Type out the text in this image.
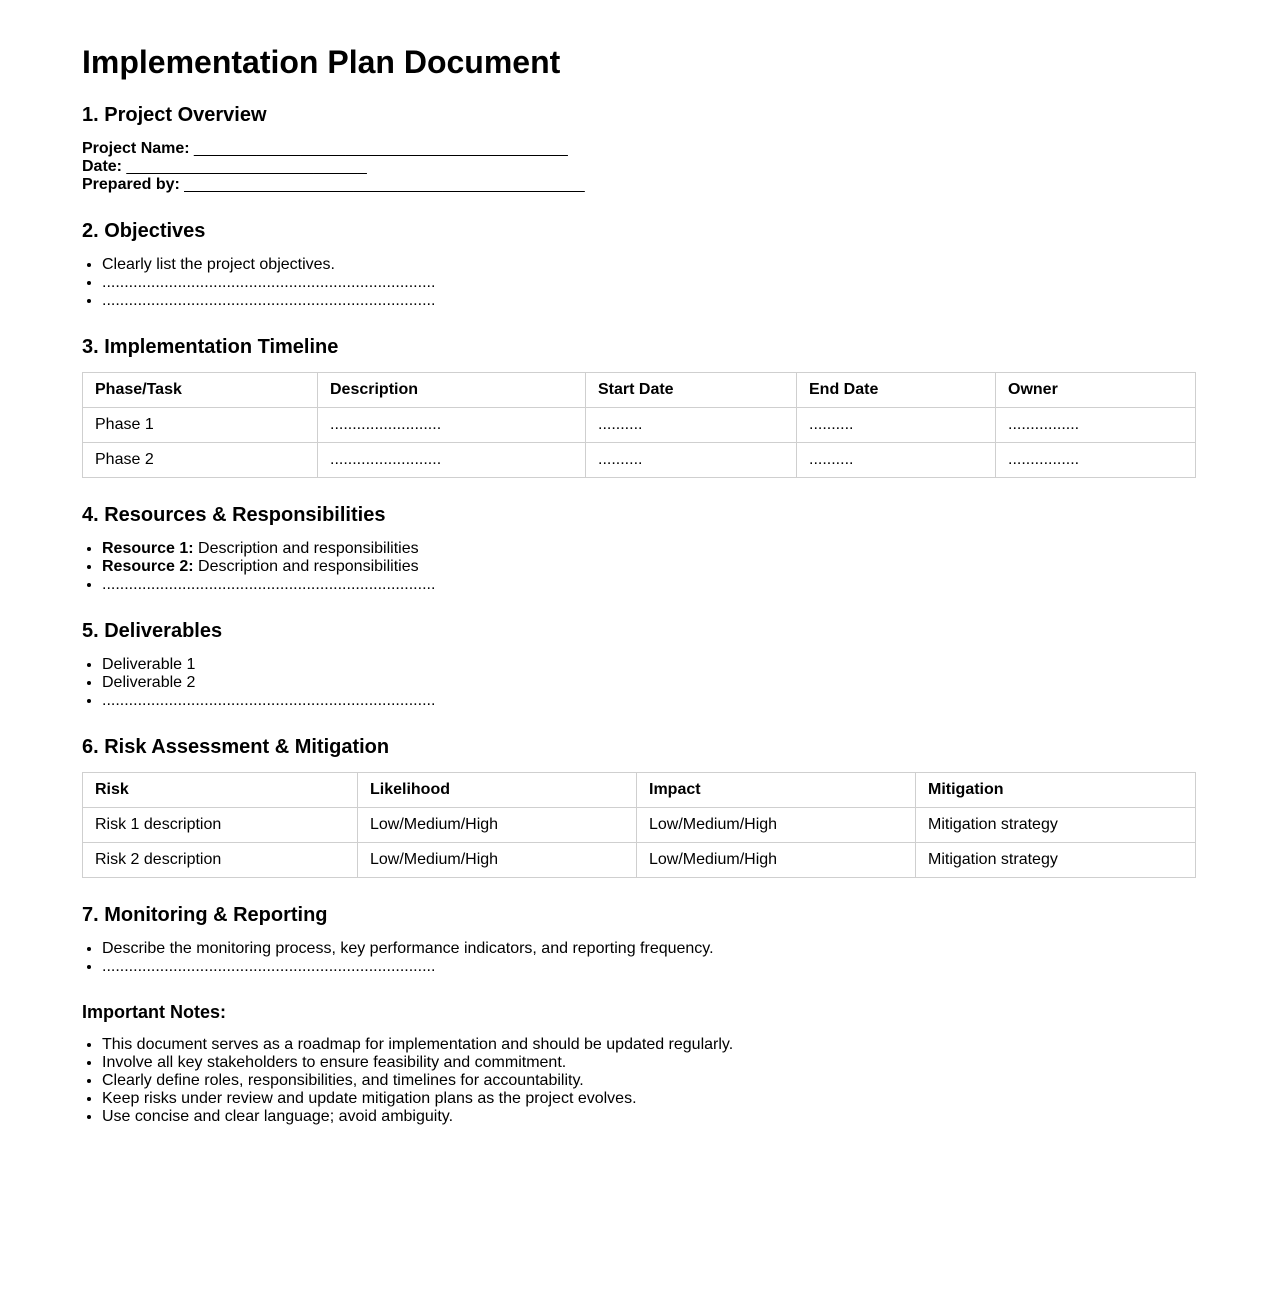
Implementation Plan Document
1. Project Overview
Project Name: __________________________________________
Date: ___________________________
Prepared by: _____________________________________________
2. Objectives
• Clearly list the project objectives.
• ...........................................................................
• ...........................................................................
3. Implementation Timeline
Phase/Task	Description	Start Date	End Date	Owner
Phase 1	.........................	..........	..........	................
Phase 2	.........................	..........	..........	................
4. Resources & Responsibilities
• Resource 1: Description and responsibilities
• Resource 2: Description and responsibilities
• ...........................................................................
5. Deliverables
• Deliverable 1
• Deliverable 2
• ...........................................................................
6. Risk Assessment & Mitigation
Risk	Likelihood	Impact	Mitigation
Risk 1 description	Low/Medium/High	Low/Medium/High	Mitigation strategy
Risk 2 description	Low/Medium/High	Low/Medium/High	Mitigation strategy
7. Monitoring & Reporting
• Describe the monitoring process, key performance indicators, and reporting frequency.
• ...........................................................................
Important Notes:
• This document serves as a roadmap for implementation and should be updated regularly.
• Involve all key stakeholders to ensure feasibility and commitment.
• Clearly define roles, responsibilities, and timelines for accountability.
• Keep risks under review and update mitigation plans as the project evolves.
• Use concise and clear language; avoid ambiguity.
